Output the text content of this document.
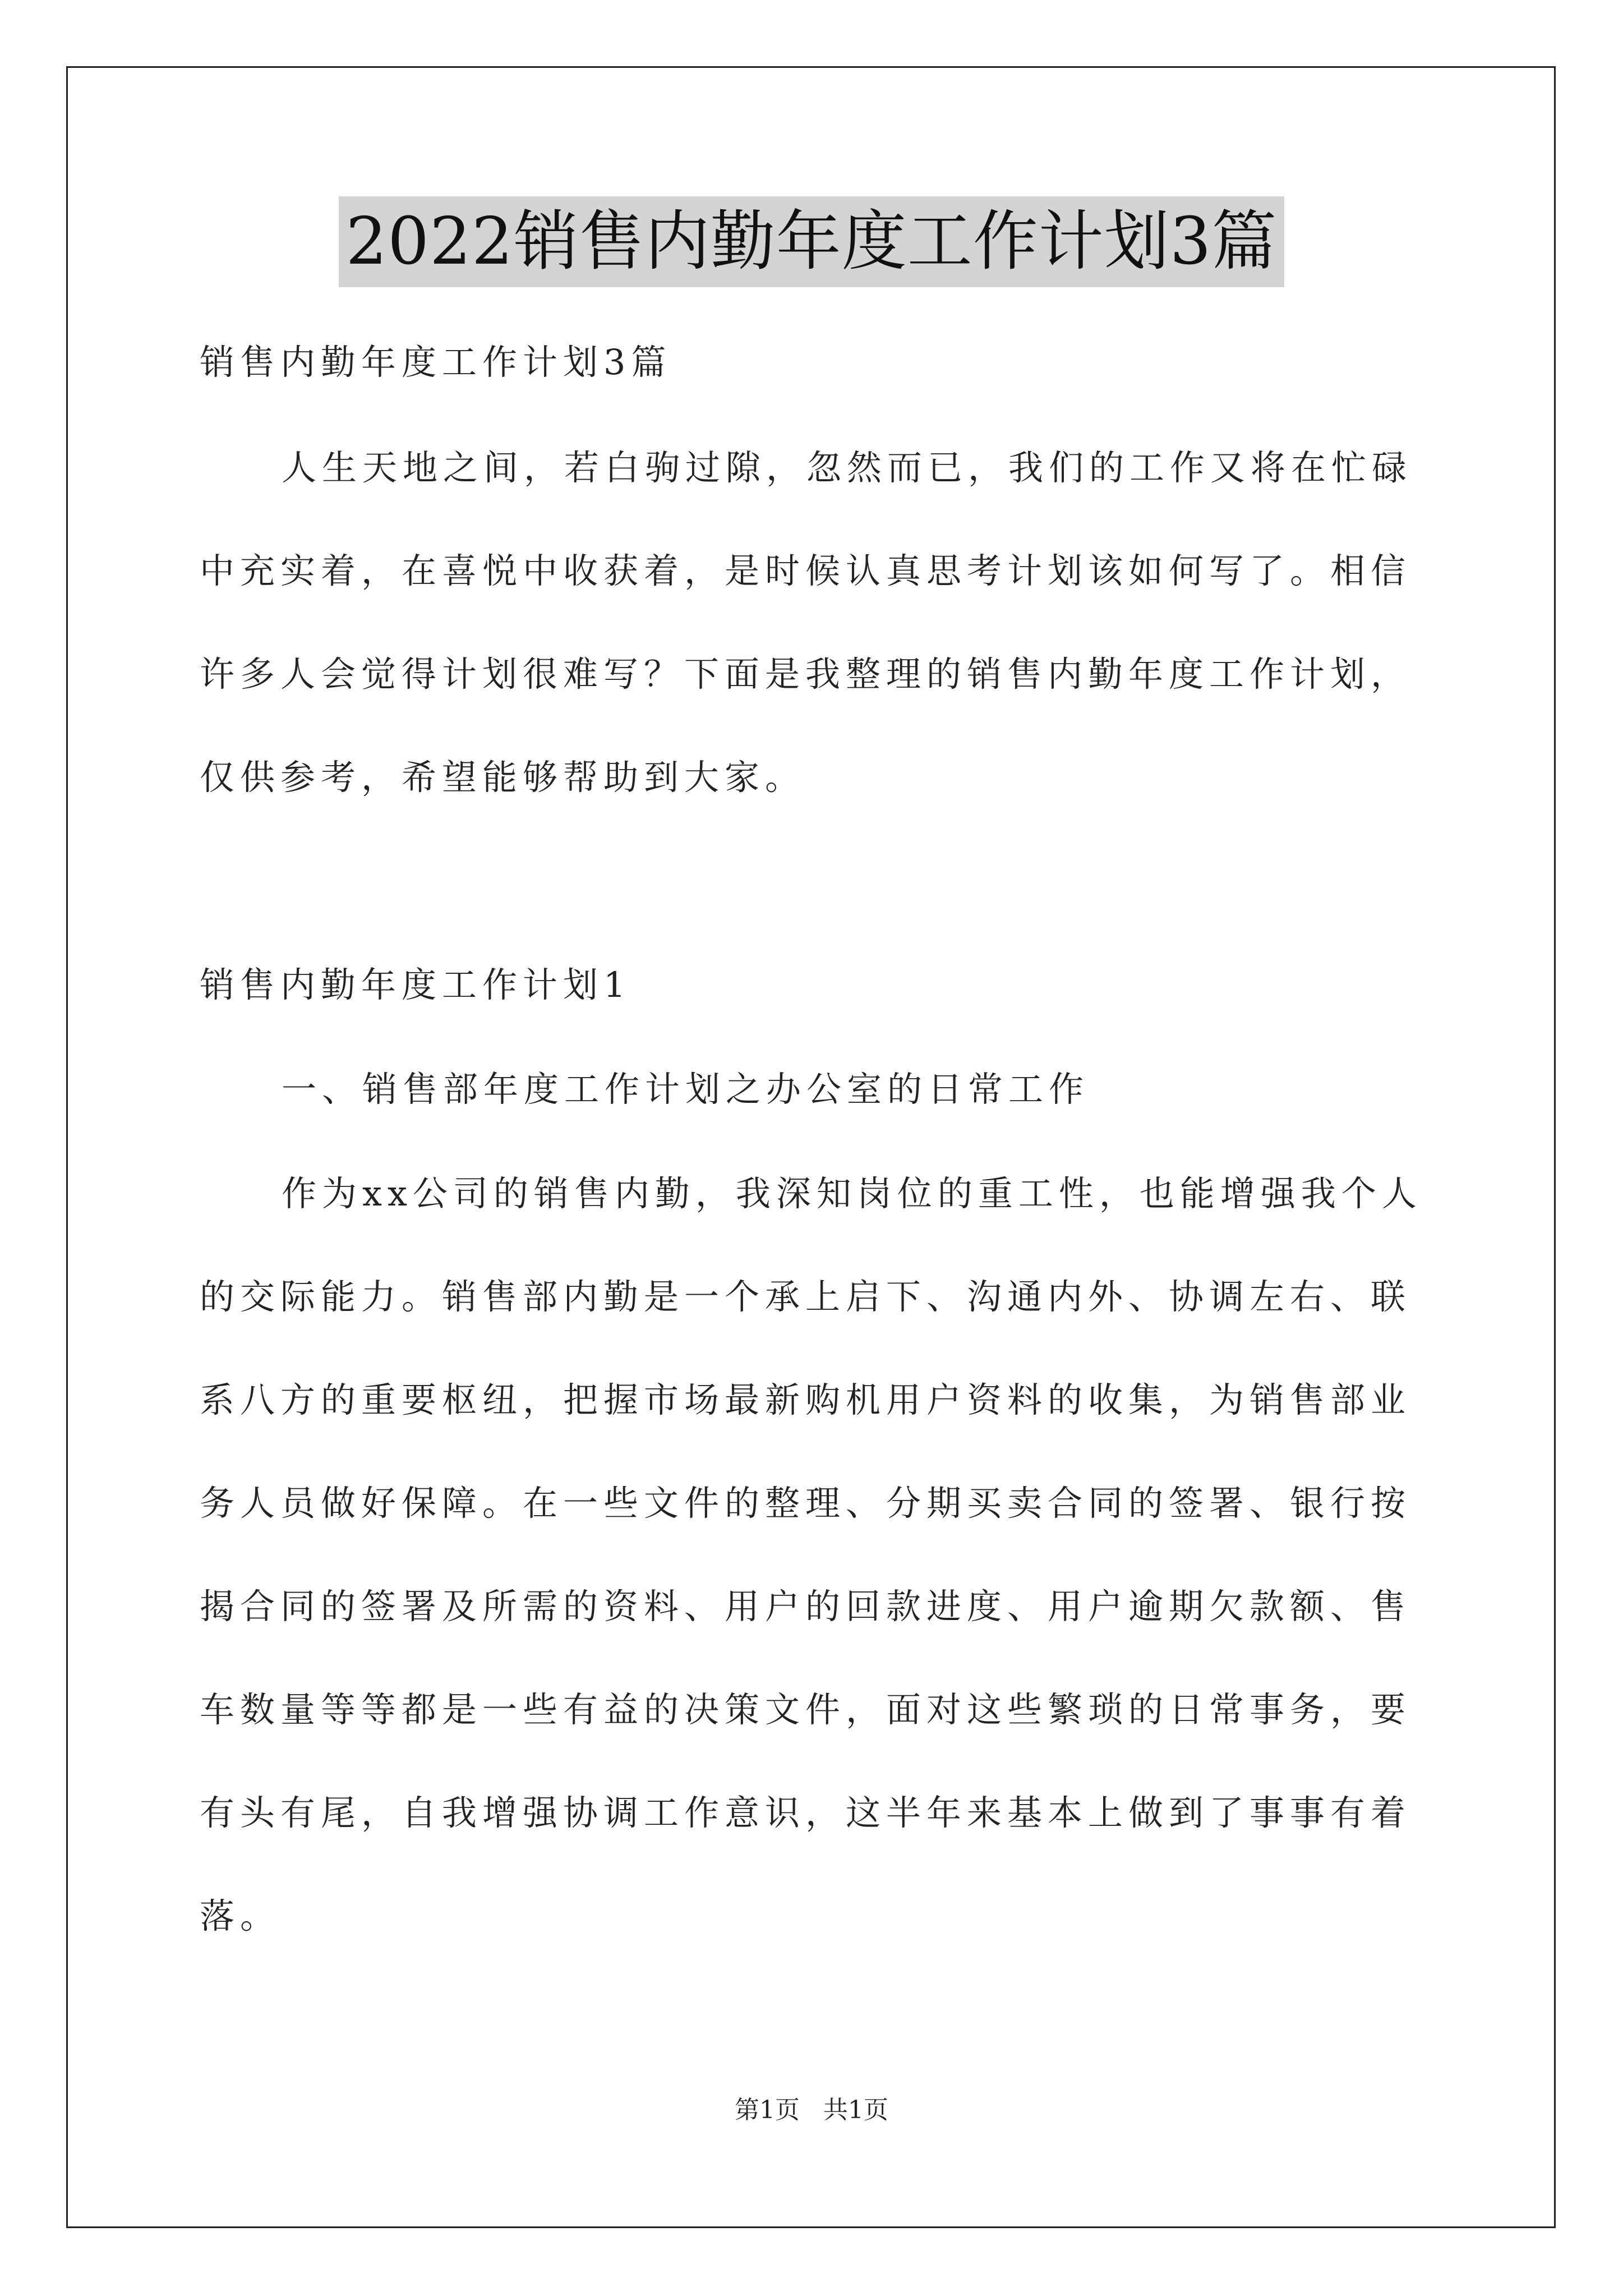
2022销售内勤年度工作计划3篇
销售内勤年度工作计划3篇
人生天地之间，若白驹过隙，忽然而已，我们的工作又将在忙碌
中充实着，在喜悦中收获着，是时候认真思考计划该如何写了。相信
许多人会觉得计划很难写？下面是我整理的销售内勤年度工作计划，
仅供参考，希望能够帮助到大家。
销售内勤年度工作计划1
一、销售部年度工作计划之办公室的日常工作
作为xx公司的销售内勤，我深知岗位的重工性，也能增强我个人
的交际能力。销售部内勤是一个承上启下、沟通内外、协调左右、联
系八方的重要枢纽，把握市场最新购机用户资料的收集，为销售部业
务人员做好保障。在一些文件的整理、分期买卖合同的签署、银行按
揭合同的签署及所需的资料、用户的回款进度、用户逾期欠款额、售
车数量等等都是一些有益的决策文件，面对这些繁琐的日常事务，要
有头有尾，自我增强协调工作意识，这半年来基本上做到了事事有着
落。
第1页   共1页
